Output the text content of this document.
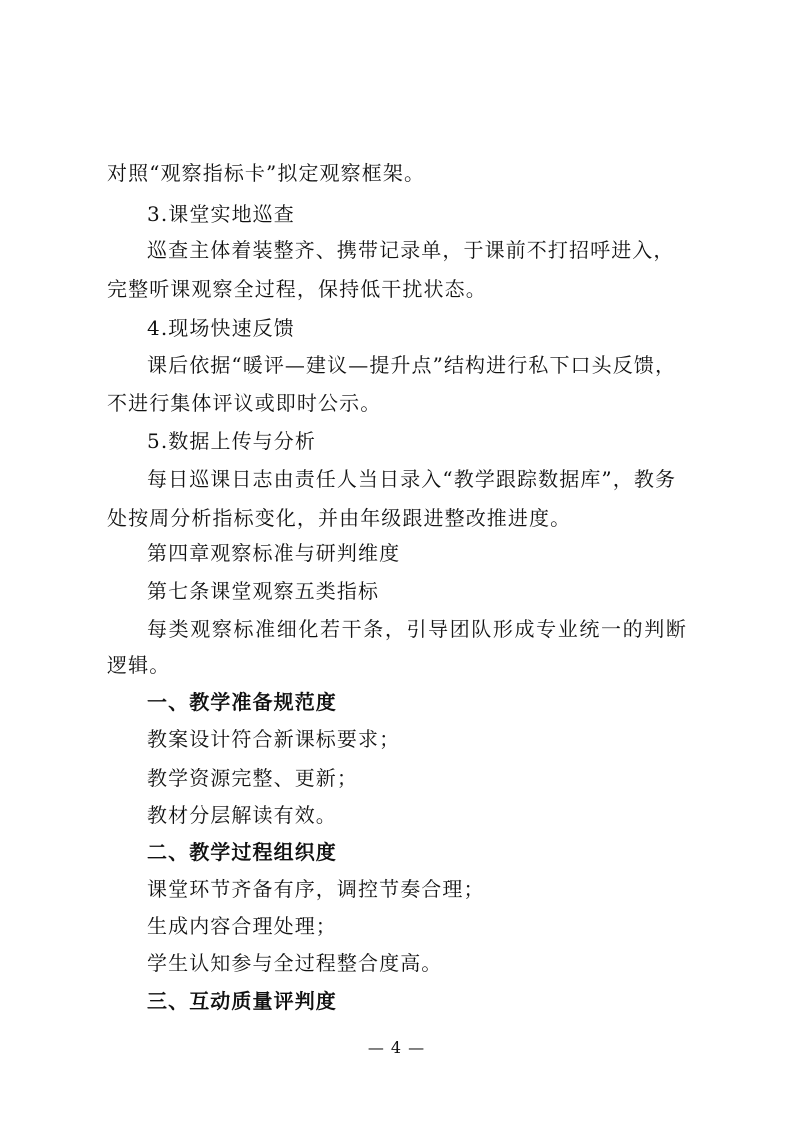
对照“观察指标卡”拟定观察框架。
3.课堂实地巡查
巡查主体着装整齐、携带记录单，于课前不打招呼进入，
完整听课观察全过程，保持低干扰状态。
4.现场快速反馈
课后依据“暖评—建议—提升点”结构进行私下口头反馈，
不进行集体评议或即时公示。
5.数据上传与分析
每日巡课日志由责任人当日录入“教学跟踪数据库”，教务
处按周分析指标变化，并由年级跟进整改推进度。
第四章观察标准与研判维度
第七条课堂观察五类指标
每类观察标准细化若干条，引导团队形成专业统一的判断
逻辑。
一、教学准备规范度
教案设计符合新课标要求；
教学资源完整、更新；
教材分层解读有效。
二、教学过程组织度
课堂环节齐备有序，调控节奏合理；
生成内容合理处理；
学生认知参与全过程整合度高。
三、互动质量评判度
— 4 —
